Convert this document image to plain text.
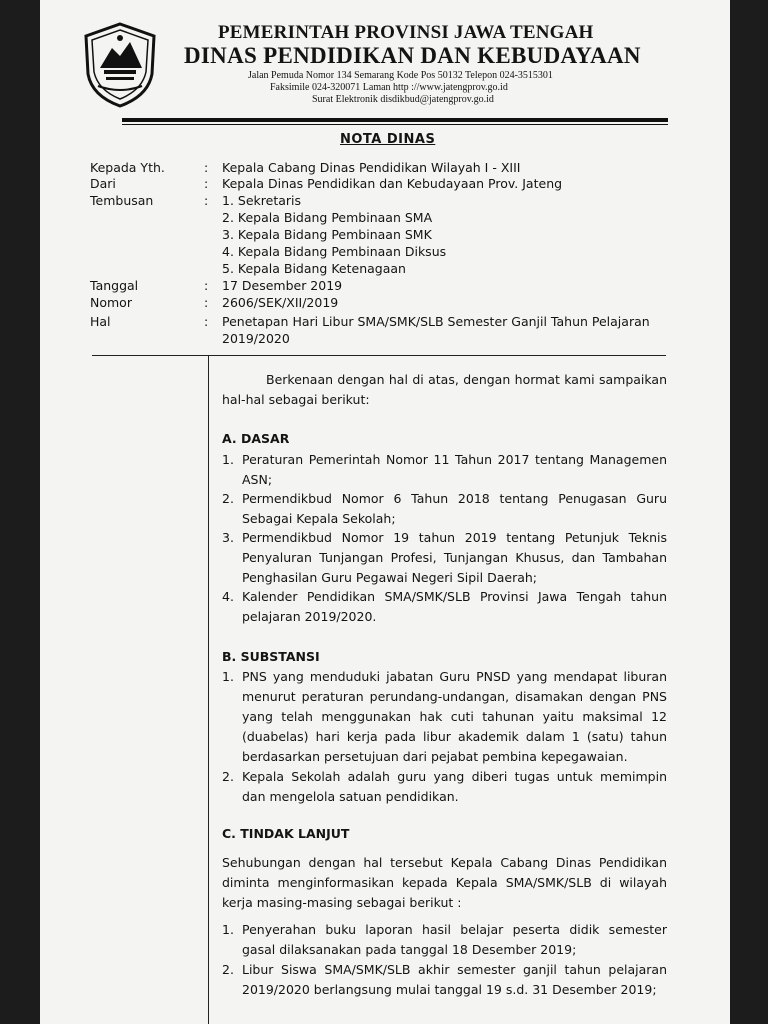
PEMERINTAH PROVINSI JAWA TENGAH
DINAS PENDIDIKAN DAN KEBUDAYAAN
Jalan Pemuda Nomor 134 Semarang Kode Pos 50132 Telepon 024-3515301
Faksimile 024-320071 Laman http ://www.jatengprov.go.id
Surat Elektronik disdikbud@jatengprov.go.id
NOTA DINAS
Kepada Yth.	: Kepala Cabang Dinas Pendidikan Wilayah I - XIII
Dari	: Kepala Dinas Pendidikan dan Kebudayaan Prov. Jateng
Tembusan	: 1. Sekretaris
2. Kepala Bidang Pembinaan SMA
3. Kepala Bidang Pembinaan SMK
4. Kepala Bidang Pembinaan Diksus
5. Kepala Bidang Ketenagaan
Tanggal	: 17 Desember 2019
Nomor	: 2606/SEK/XII/2019
Hal	: Penetapan Hari Libur SMA/SMK/SLB Semester Ganjil Tahun Pelajaran
2019/2020
Berkenaan dengan hal di atas, dengan hormat kami sampaikan hal-hal sebagai berikut:
A. DASAR
1. Peraturan Pemerintah Nomor 11 Tahun 2017 tentang Managemen ASN;
2. Permendikbud Nomor 6 Tahun 2018 tentang Penugasan Guru Sebagai Kepala Sekolah;
3. Permendikbud Nomor 19 tahun 2019 tentang Petunjuk Teknis Penyaluran Tunjangan Profesi, Tunjangan Khusus, dan Tambahan Penghasilan Guru Pegawai Negeri Sipil Daerah;
4. Kalender Pendidikan SMA/SMK/SLB Provinsi Jawa Tengah tahun pelajaran 2019/2020.
B. SUBSTANSI
1. PNS yang menduduki jabatan Guru PNSD yang mendapat liburan menurut peraturan perundang-undangan, disamakan dengan PNS yang telah menggunakan hak cuti tahunan yaitu maksimal 12 (duabelas) hari kerja pada libur akademik dalam 1 (satu) tahun berdasarkan persetujuan dari pejabat pembina kepegawaian.
2. Kepala Sekolah adalah guru yang diberi tugas untuk memimpin dan mengelola satuan pendidikan.
C. TINDAK LANJUT
Sehubungan dengan hal tersebut Kepala Cabang Dinas Pendidikan diminta menginformasikan kepada Kepala SMA/SMK/SLB di wilayah kerja masing-masing sebagai berikut :
1. Penyerahan buku laporan hasil belajar peserta didik semester gasal dilaksanakan pada tanggal 18 Desember 2019;
2. Libur Siswa SMA/SMK/SLB akhir semester ganjil tahun pelajaran 2019/2020 berlangsung mulai tanggal 19 s.d. 31 Desember 2019;
